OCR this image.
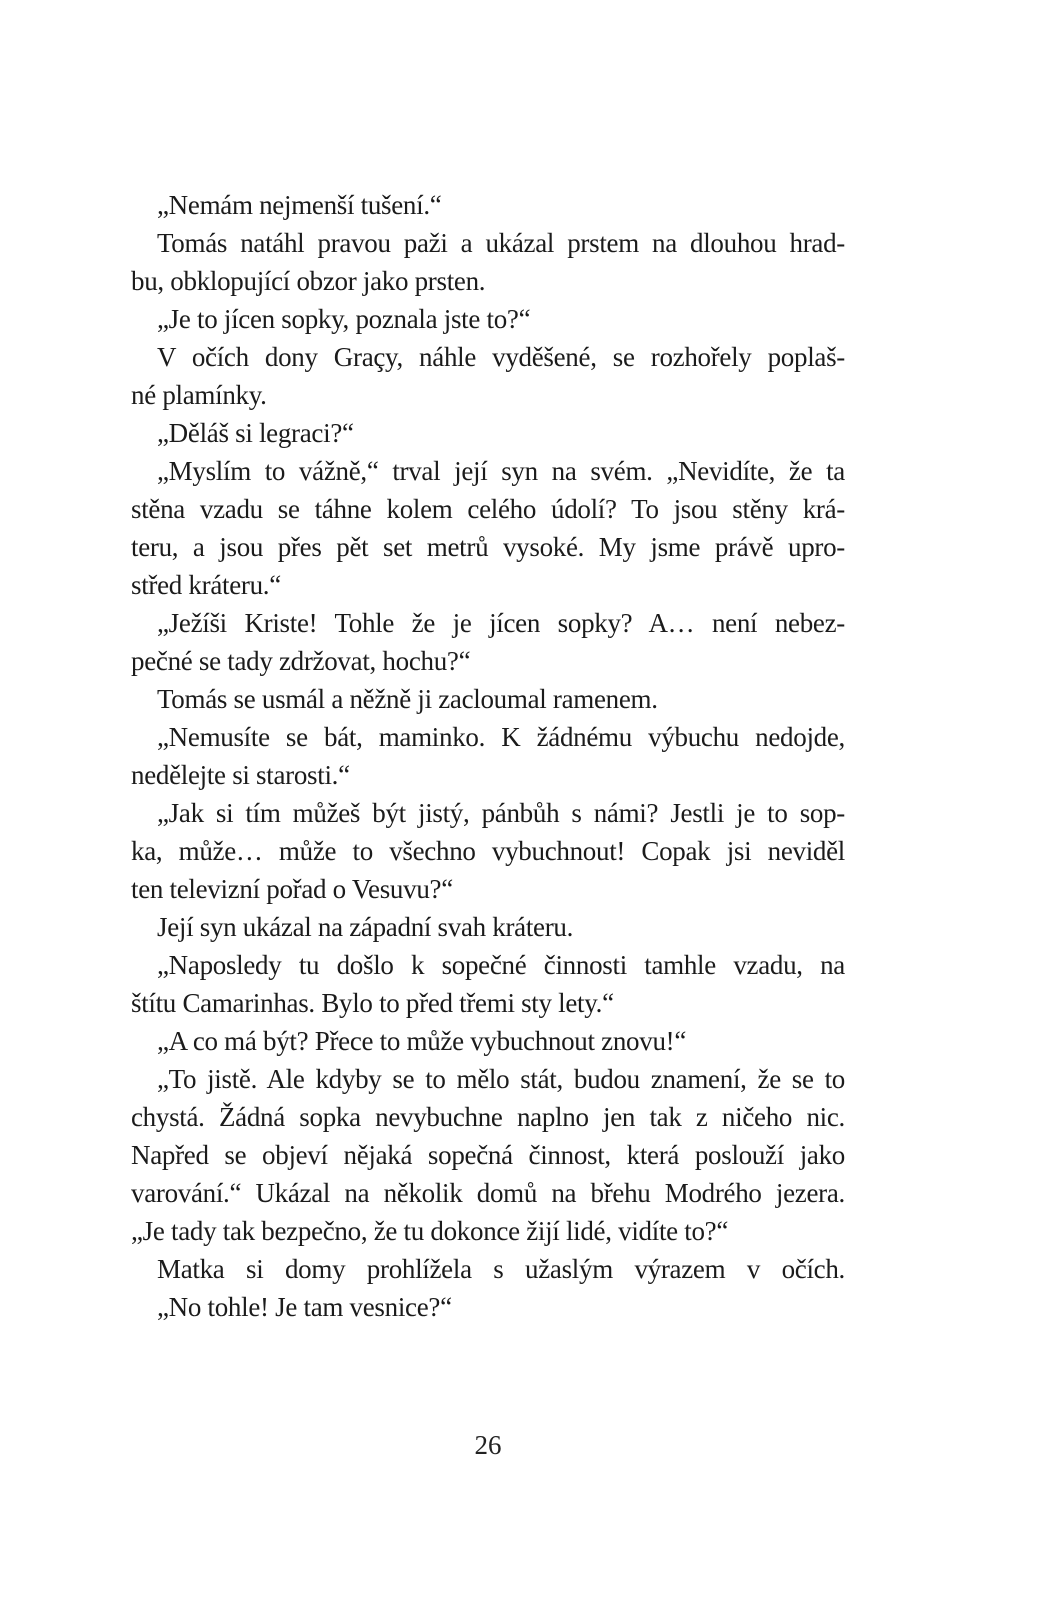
„Nemám nejmenší tušení.“
Tomás natáhl pravou paži a ukázal prstem na dlouhou hrad-
bu, obklopující obzor jako prsten.
„Je to jícen sopky, poznala jste to?“
V očích dony Graçy, náhle vyděšené, se rozhořely poplaš-
né plamínky.
„Děláš si legraci?“
„Myslím to vážně,“ trval její syn na svém. „Nevidíte, že ta
stěna vzadu se táhne kolem celého údolí? To jsou stěny krá-
teru, a jsou přes pět set metrů vysoké. My jsme právě upro-
střed kráteru.“
„Ježíši Kriste! Tohle že je jícen sopky? A… není nebez-
pečné se tady zdržovat, hochu?“
Tomás se usmál a něžně ji zacloumal ramenem.
„Nemusíte se bát, maminko. K žádnému výbuchu nedojde,
nedělejte si starosti.“
„Jak si tím můžeš být jistý, pánbůh s námi? Jestli je to sop-
ka, může… může to všechno vybuchnout! Copak jsi neviděl
ten televizní pořad o Vesuvu?“
Její syn ukázal na západní svah kráteru.
„Naposledy tu došlo k sopečné činnosti tamhle vzadu, na
štítu Camarinhas. Bylo to před třemi sty lety.“
„A co má být? Přece to může vybuchnout znovu!“
„To jistě. Ale kdyby se to mělo stát, budou znamení, že se to
chystá. Žádná sopka nevybuchne naplno jen tak z ničeho nic.
Napřed se objeví nějaká sopečná činnost, která poslouží jako
varování.“ Ukázal na několik domů na břehu Modrého jezera.
„Je tady tak bezpečno, že tu dokonce žijí lidé, vidíte to?“
Matka si domy prohlížela s užaslým výrazem v očích.
„No tohle! Je tam vesnice?“
26
